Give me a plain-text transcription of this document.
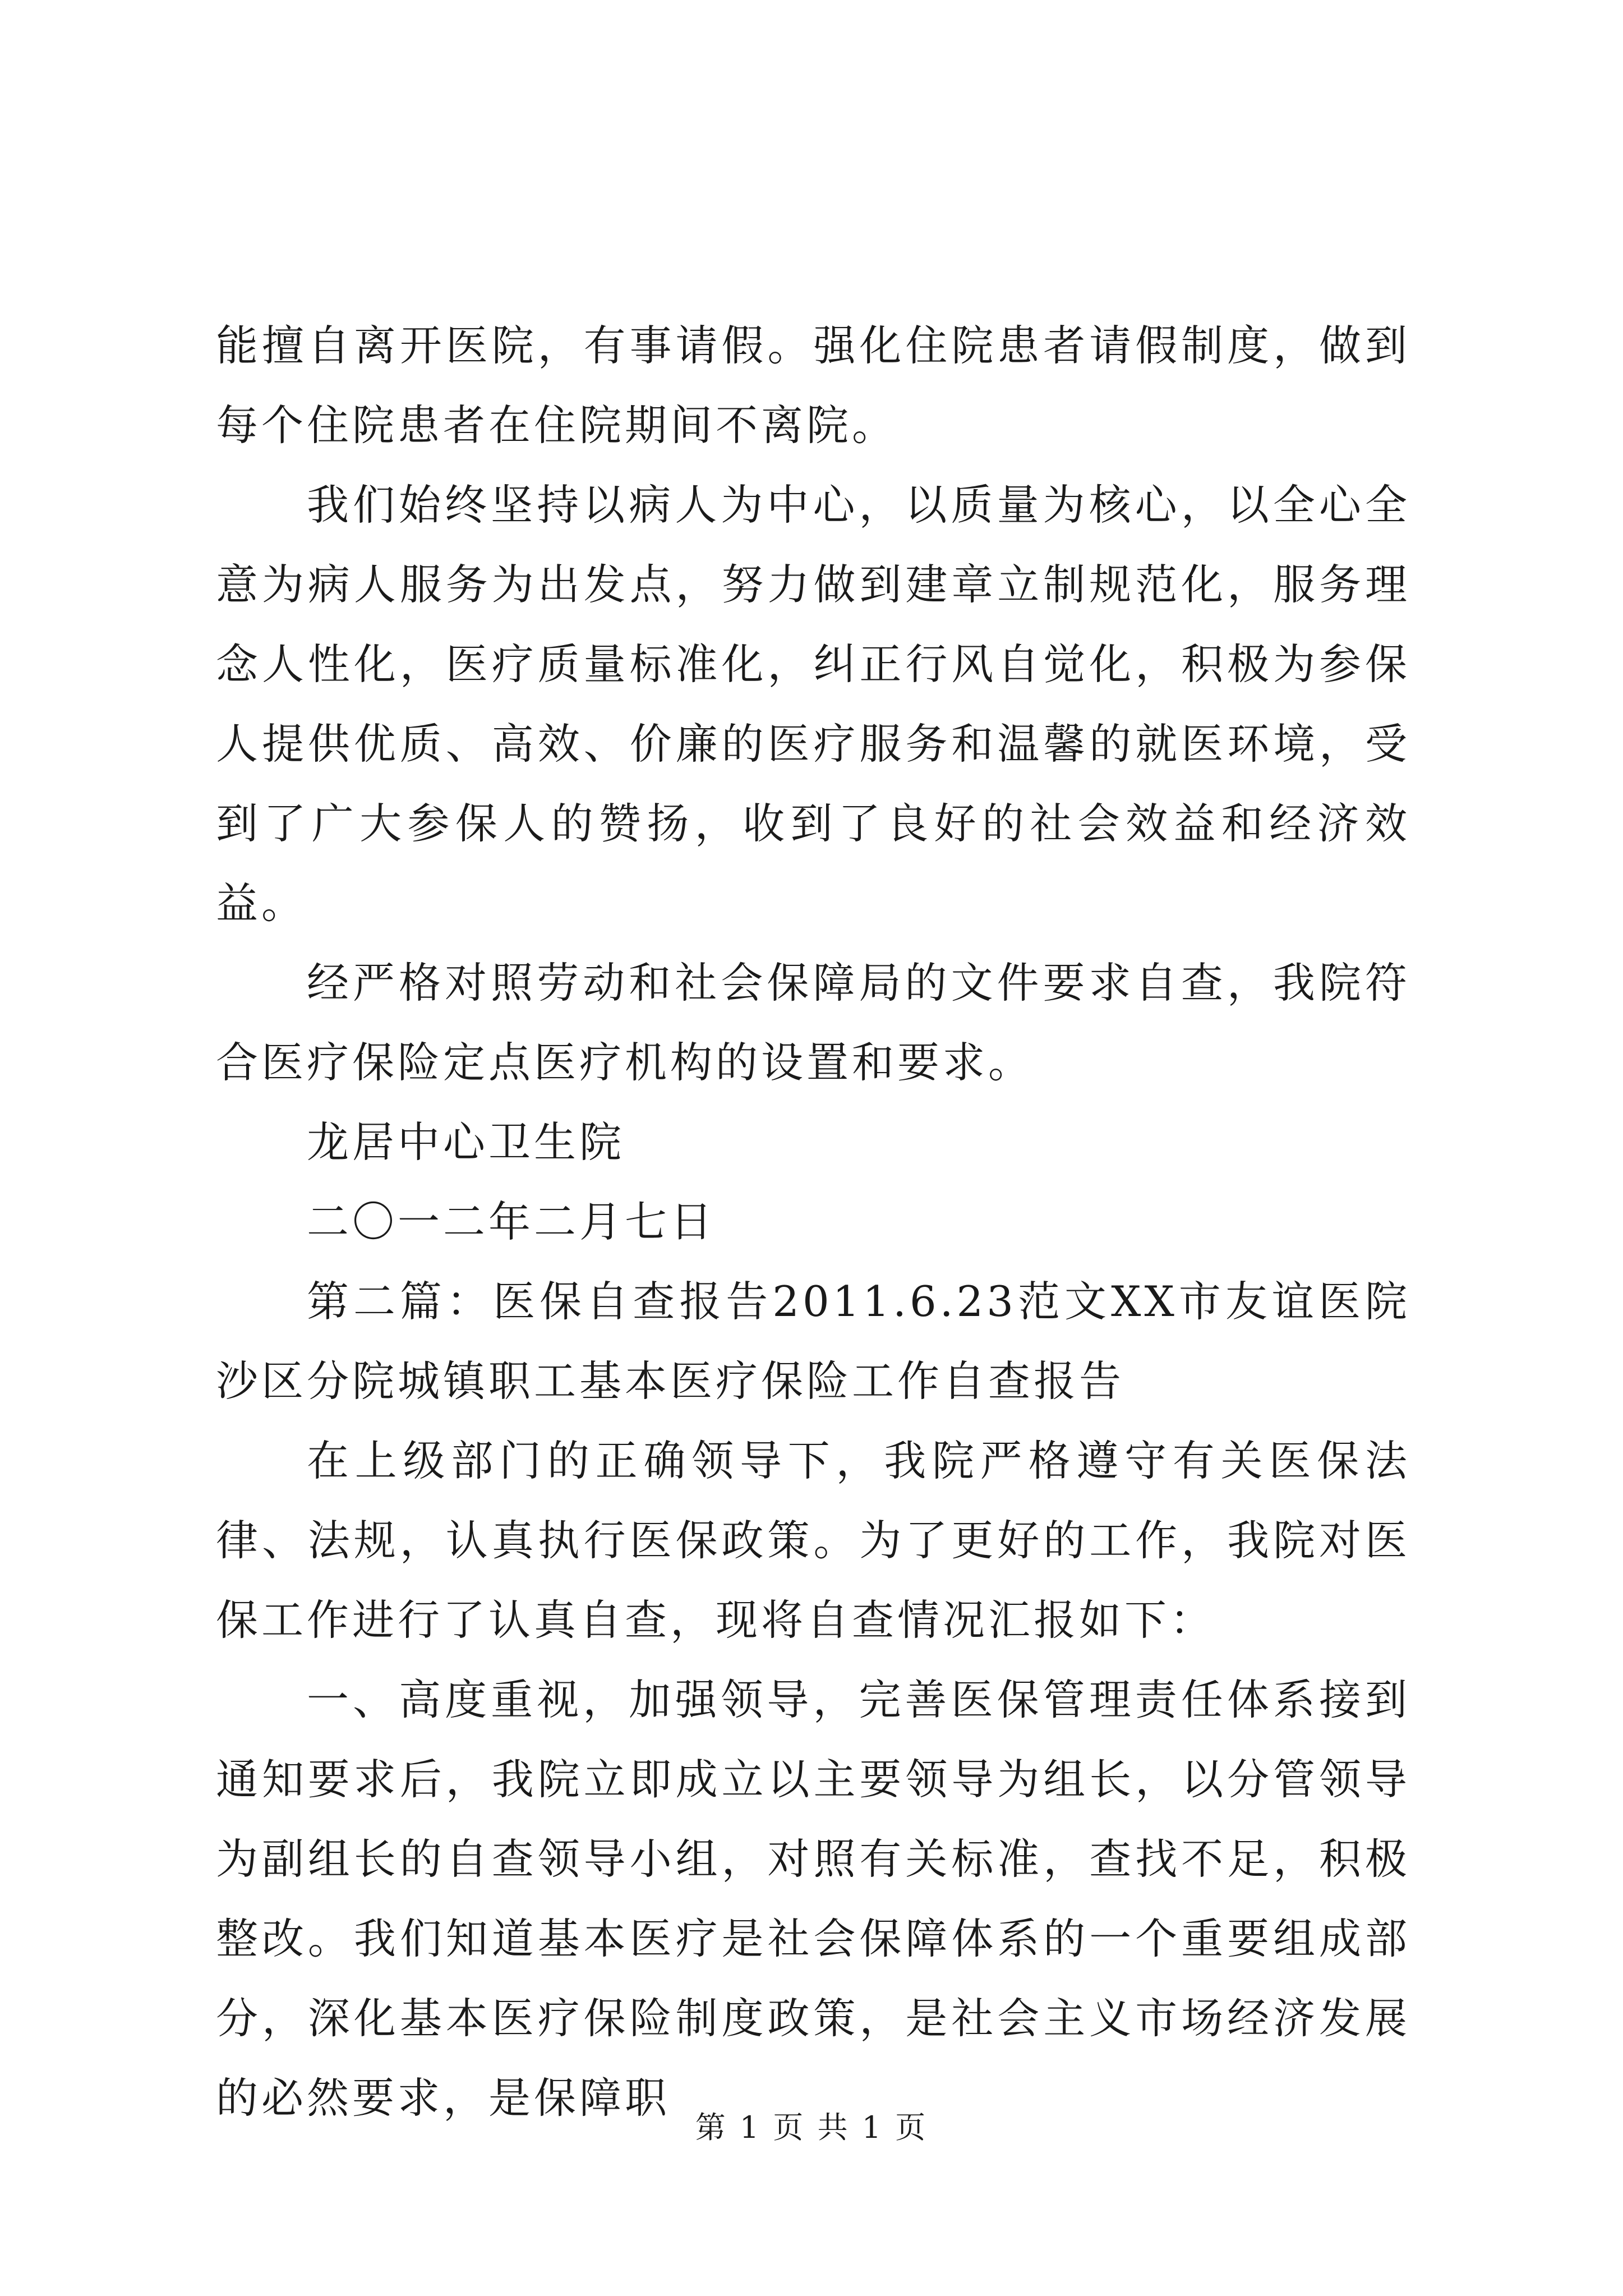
能擅自离开医院，有事请假。强化住院患者请假制度，做到每个住院患者在住院期间不离院。

我们始终坚持以病人为中心，以质量为核心，以全心全意为病人服务为出发点，努力做到建章立制规范化，服务理念人性化，医疗质量标准化，纠正行风自觉化，积极为参保人提供优质、高效、价廉的医疗服务和温馨的就医环境，受到了广大参保人的赞扬，收到了良好的社会效益和经济效益。

经严格对照劳动和社会保障局的文件要求自查，我院符合医疗保险定点医疗机构的设置和要求。

龙居中心卫生院

二〇一二年二月七日

第二篇：医保自查报告2011.6.23范文XX市友谊医院沙区分院城镇职工基本医疗保险工作自查报告

在上级部门的正确领导下，我院严格遵守有关医保法律、法规，认真执行医保政策。为了更好的工作，我院对医保工作进行了认真自查，现将自查情况汇报如下：

一、高度重视，加强领导，完善医保管理责任体系接到通知要求后，我院立即成立以主要领导为组长，以分管领导为副组长的自查领导小组，对照有关标准，查找不足，积极整改。我们知道基本医疗是社会保障体系的一个重要组成部分，深化基本医疗保险制度政策，是社会主义市场经济发展的必然要求，是保障职

第 1 页 共 1 页
